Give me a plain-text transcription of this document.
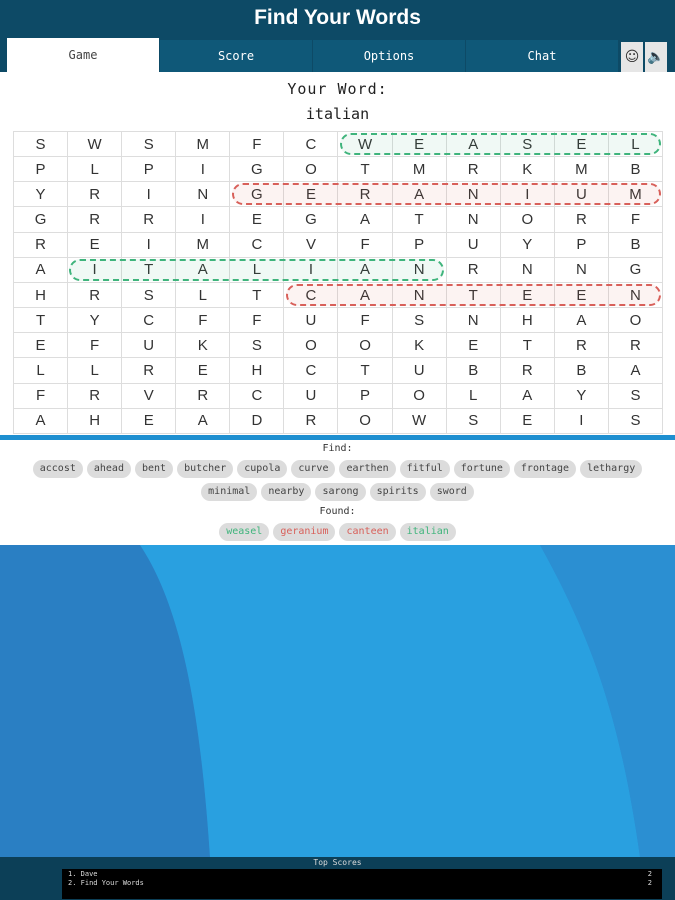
Find Your Words
Game	Score	Options	Chat	☺ 🔈
Your Word:
italian
S	W	S	M	F	C	W	E	A	S	E	L
P	L	P	I	G	O	T	M	R	K	M	B
Y	R	I	N	G	E	R	A	N	I	U	M
G	R	R	I	E	G	A	T	N	O	R	F
R	E	I	M	C	V	F	P	U	Y	P	B
A	I	T	A	L	I	A	N	R	N	N	G
H	R	S	L	T	C	A	N	T	E	E	N
T	Y	C	F	F	U	F	S	N	H	A	O
E	F	U	K	S	O	O	K	E	T	R	R
L	L	R	E	H	C	T	U	B	R	B	A
F	R	V	R	C	U	P	O	L	A	Y	S
A	H	E	A	D	R	O	W	S	E	I	S
Find:
accost	ahead	bent	butcher	cupola	curve	earthen	fitful	fortune	frontage	lethargy
minimal	nearby	sarong	spirits	sword
Found:
weasel	geranium	canteen	italian
Top Scores
1. Dave	2
2. Find Your Words	2
